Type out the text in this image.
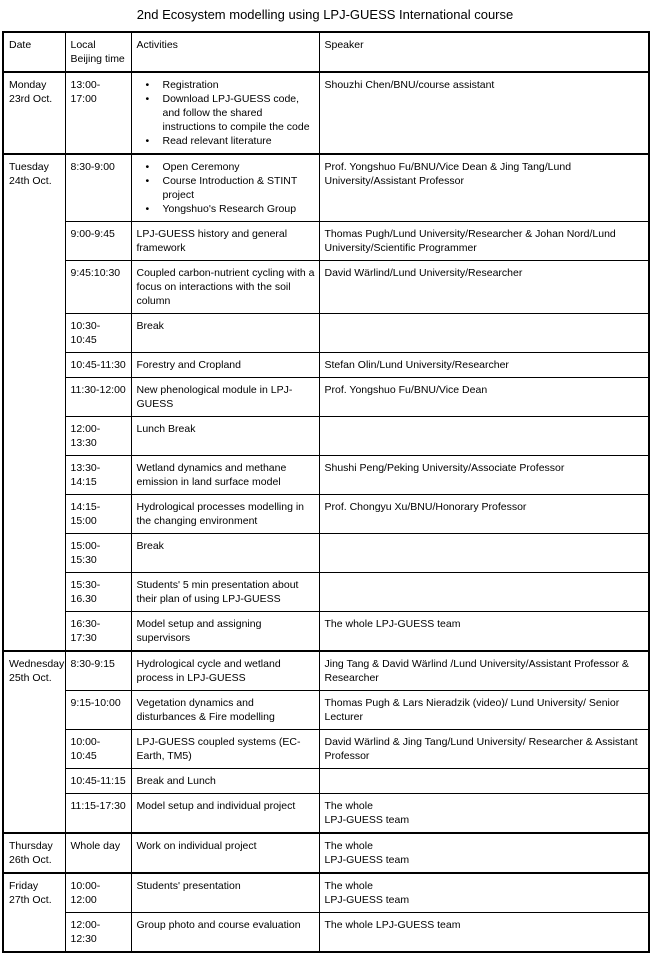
2nd Ecosystem modelling using LPJ-GUESS International course
Date	Local Beijing time	Activities	Speaker

Monday
23rd Oct.
	13:00-17:00	
• Registration
• Download LPJ-GUESS code, and follow the shared instructions to compile the code
• Read relevant literature
	Shouzhi Chen/BNU/course assistant

Tuesday
24th Oct.
	8:30-9:00	
•Open Ceremony
• Course Introduction & STINT project
• Yongshuo's Research Group
	Prof. Yongshuo Fu/BNU/Vice Dean & Jing Tang/Lund University/Assistant Professor
	9:00-9:45	LPJ-GUESS history and general framework	Thomas Pugh/Lund University/Researcher & Johan Nord/Lund University/Scientific Programmer
	9:45:10:30	Coupled carbon-nutrient cycling with a focus on interactions with the soil column	David Wärlind/Lund University/Researcher
	10:30-10:45	Break	
	10:45-11:30	Forestry and Cropland	Stefan Olin/Lund University/Researcher
	11:30-12:00	New phenological module in LPJ-GUESS	Prof. Yongshuo Fu/BNU/Vice Dean
	12:00-13:30	Lunch Break	
	13:30-14:15	Wetland dynamics and methane emission in land surface model	Shushi Peng/Peking University/Associate Professor
	14:15-15:00	Hydrological processes modelling in the changing environment	Prof. Chongyu Xu/BNU/Honorary Professor
	15:00-15:30	Break	
	15:30-16.30	Students' 5 min presentation about their plan of using LPJ-GUESS	
	16:30-17:30	Model setup and assigning supervisors	The whole LPJ-GUESS team

Wednesday
25th Oct.	8:30-9:15	Hydrological cycle and wetland process in LPJ-GUESS	Jing Tang & David Wärlind /Lund University/Assistant Professor & Researcher
	9:15-10:00	Vegetation dynamics and disturbances & Fire modelling	Thomas Pugh & Lars Nieradzik (video)/ Lund University/ Senior Lecturer
	10:00-10:45	LPJ-GUESS coupled systems (EC-Earth, TM5)	David Wärlind & Jing Tang/Lund University/ Researcher & Assistant Professor
	10:45-11:15	Break and Lunch	
	11:15-17:30	Model setup and individual project	The whole
LPJ-GUESS team

Thursday
26th Oct.	Whole day	Work on individual project	The whole
LPJ-GUESS team

Friday
27th Oct.	10:00-12:00	Students' presentation	The whole
LPJ-GUESS team

	12:00-12:30	Group photo and course evaluation	The whole LPJ-GUESS team
